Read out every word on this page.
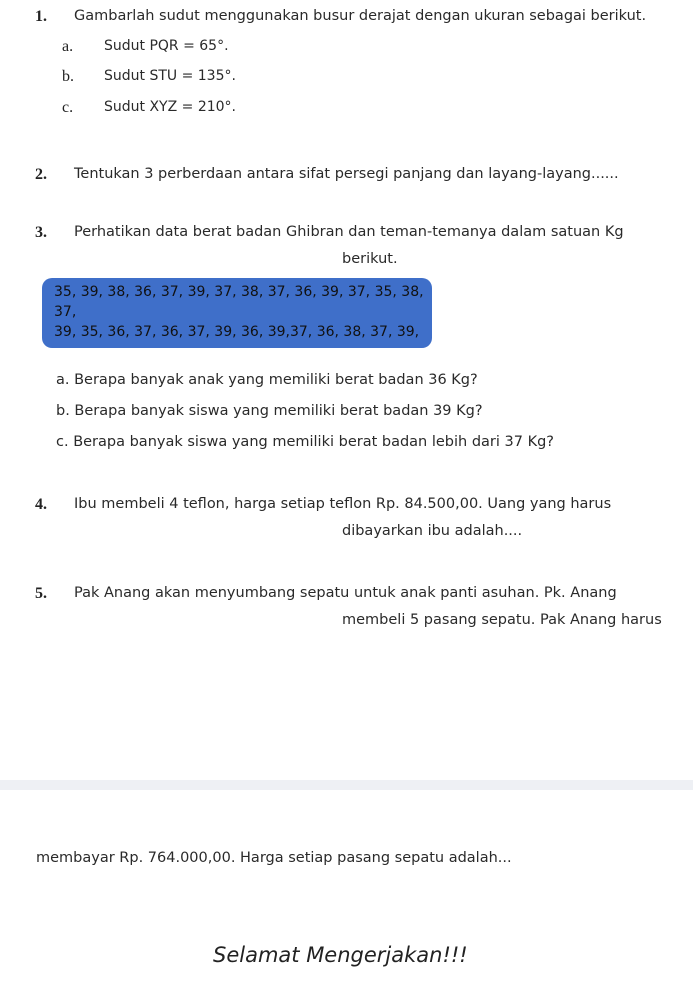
1. Gambarlah sudut menggunakan busur derajat dengan ukuran sebagai berikut.
a. Sudut PQR = 65°.
b. Sudut STU = 135°.
c. Sudut XYZ = 210°.
2. Tentukan 3 perberdaan antara sifat persegi panjang dan layang-layang......
3. Perhatikan data berat badan Ghibran dan teman-temanya dalam satuan Kg
berikut.
35, 39, 38, 36, 37, 39, 37, 38, 37, 36, 39, 37, 35, 38,
37,
39, 35, 36, 37, 36, 37, 39, 36, 39,37, 36, 38, 37, 39,
a. Berapa banyak anak yang memiliki berat badan 36 Kg?
b. Berapa banyak siswa yang memiliki berat badan 39 Kg?
c. Berapa banyak siswa yang memiliki berat badan lebih dari 37 Kg?
4. Ibu membeli 4 teflon, harga setiap teflon Rp. 84.500,00. Uang yang harus
dibayarkan ibu adalah....
5. Pak Anang akan menyumbang sepatu untuk anak panti asuhan. Pk. Anang
membeli 5 pasang sepatu. Pak Anang harus
membayar Rp. 764.000,00. Harga setiap pasang sepatu adalah...
Selamat Mengerjakan!!!
